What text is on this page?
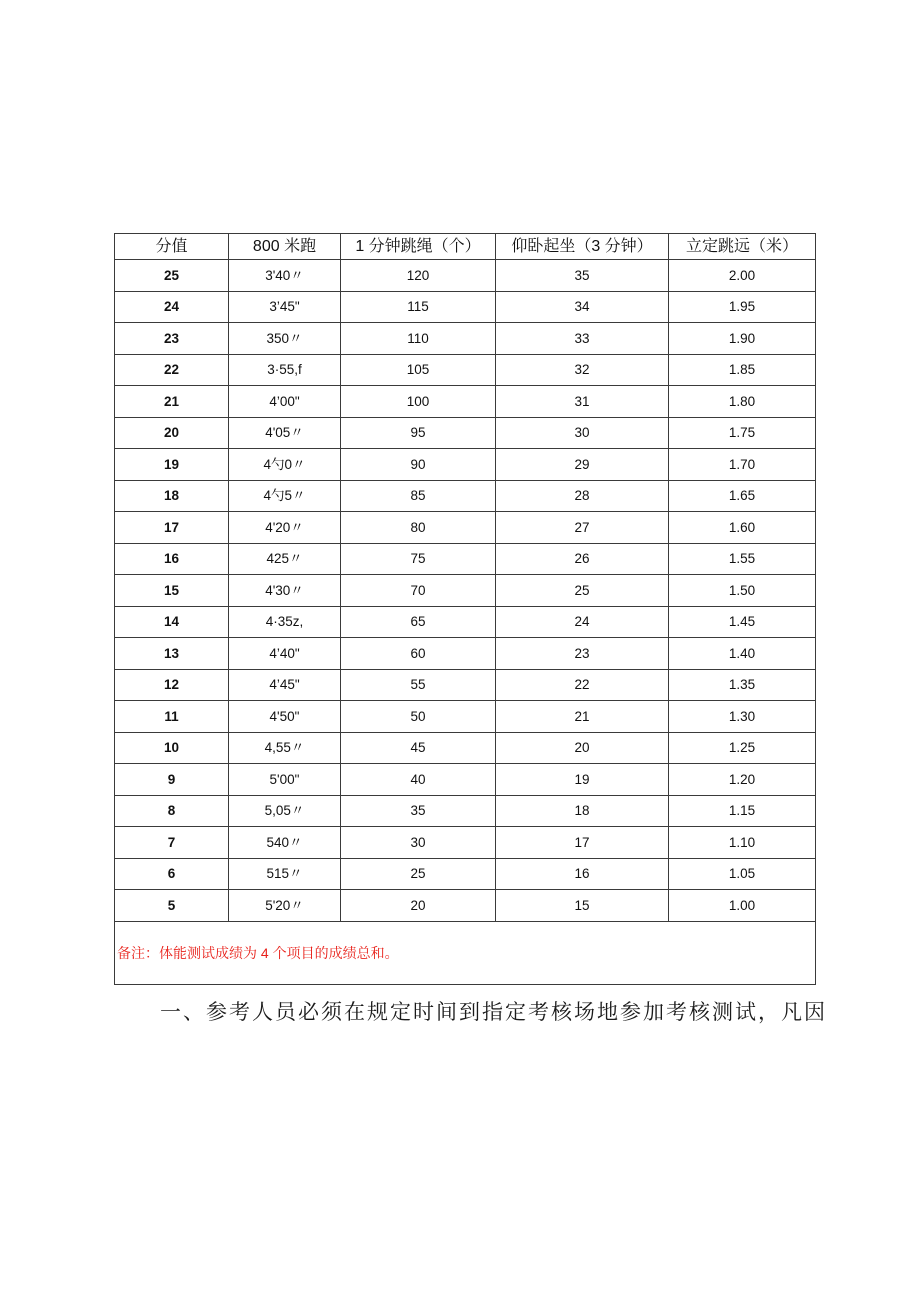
分值	800 米跑	1 分钟跳绳（个）	仰卧起坐（3 分钟）	立定跳远（米）
25	3'40〃	120	35	2.00
24	3’45"	115	34	1.95
23	350〃	110	33	1.90
22	3·55,f	105	32	1.85
21	4’00"	100	31	1.80
20	4'05〃	95	30	1.75
19	4勺0〃	90	29	1.70
18	4勺5〃	85	28	1.65
17	4'20〃	80	27	1.60
16	425〃	75	26	1.55
15	4'30〃	70	25	1.50
14	4·35z,	65	24	1.45
13	4’40"	60	23	1.40
12	4’45"	55	22	1.35
11	4'50"	50	21	1.30
10	4,55〃	45	20	1.25
9	5'00"	40	19	1.20
8	5,05〃	35	18	1.15
7	540〃	30	17	1.10
6	515〃	25	16	1.05
5	5'20〃	20	15	1.00
备注：体能测试成绩为 4 个项目的成绩总和。				
一、参考人员必须在规定时间到指定考核场地参加考核测试，凡因
